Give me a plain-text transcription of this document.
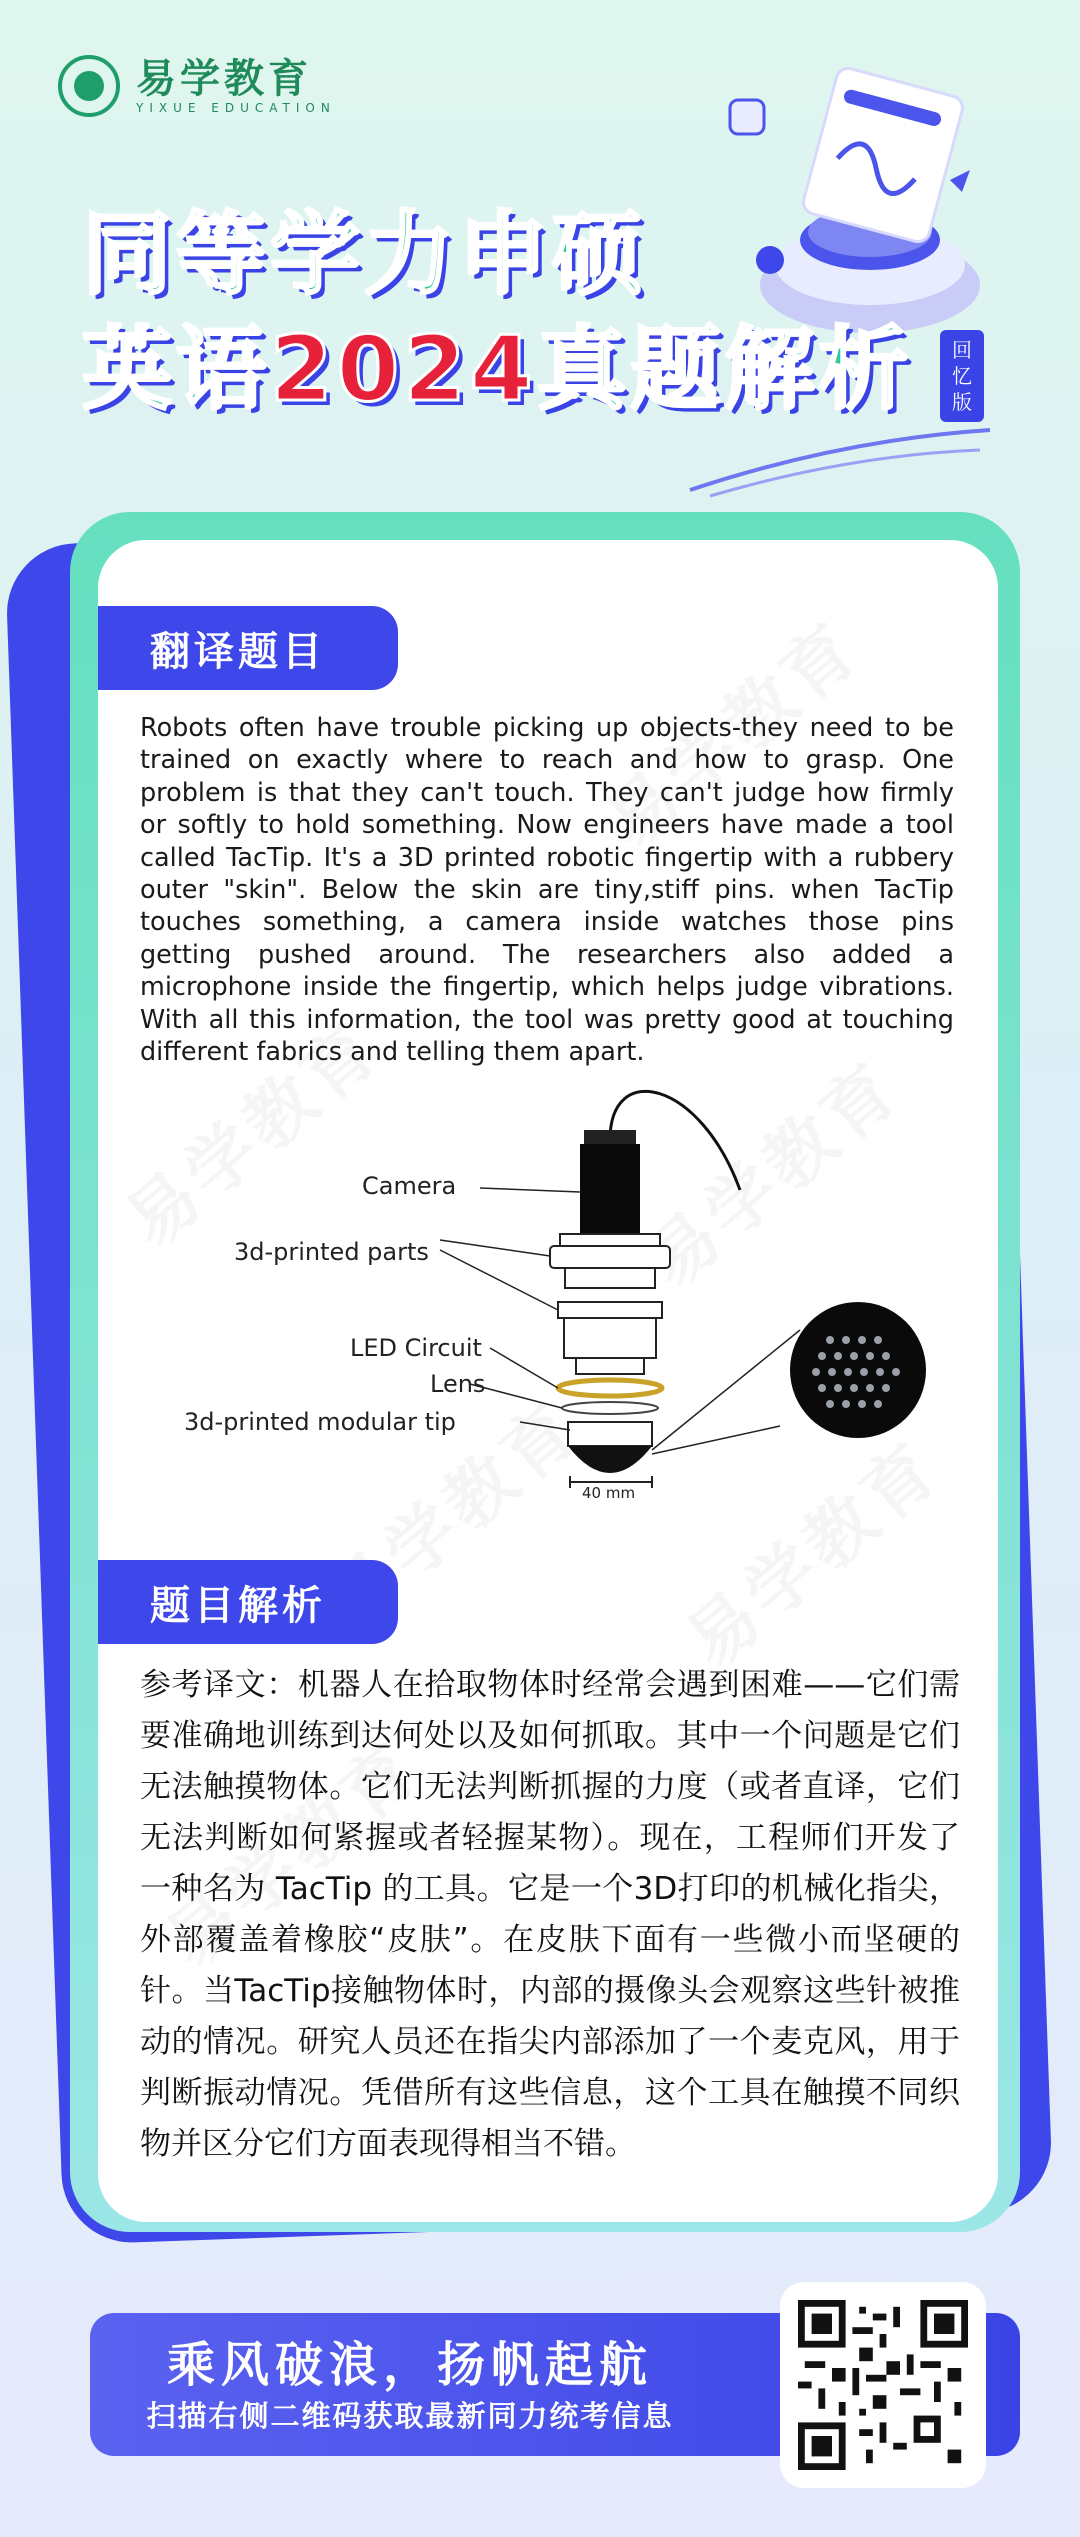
易学教育
YIXUE EDUCATION
同等学力申硕
英语2024真题解析 回
忆
版
翻译题目
Robots often have trouble picking up objects-they need to be trained on exactly where to reach and how to grasp. One problem is that they can't touch. They can't judge how firmly or softly to hold something. Now engineers have made a tool called TacTip. It's a 3D printed robotic fingertip with a rubbery outer "skin". Below the skin are tiny,stiff pins. when TacTip touches something, a camera inside watches those pins getting pushed around. The researchers also added a microphone inside the fingertip, which helps judge vibrations. With all this information, the tool was pretty good at touching different fabrics and telling them apart.
Camera
3d-printed parts
LED Circuit
Lens
3d-printed modular tip
40 mm
题目解析
参考译文：机器人在拾取物体时经常会遇到困难——它们需要准确地训练到达何处以及如何抓取。其中一个问题是它们无法触摸物体。它们无法判断抓握的力度（或者直译，它们无法判断如何紧握或者轻握某物）。现在，工程师们开发了一种名为 TacTip 的工具。它是一个3D打印的机械化指尖，外部覆盖着橡胶“皮肤”。在皮肤下面有一些微小而坚硬的针。当TacTip接触物体时，内部的摄像头会观察这些针被推动的情况。研究人员还在指尖内部添加了一个麦克风，用于判断振动情况。凭借所有这些信息，这个工具在触摸不同织物并区分它们方面表现得相当不错。
乘风破浪，扬帆起航
扫描右侧二维码获取最新同力统考信息
